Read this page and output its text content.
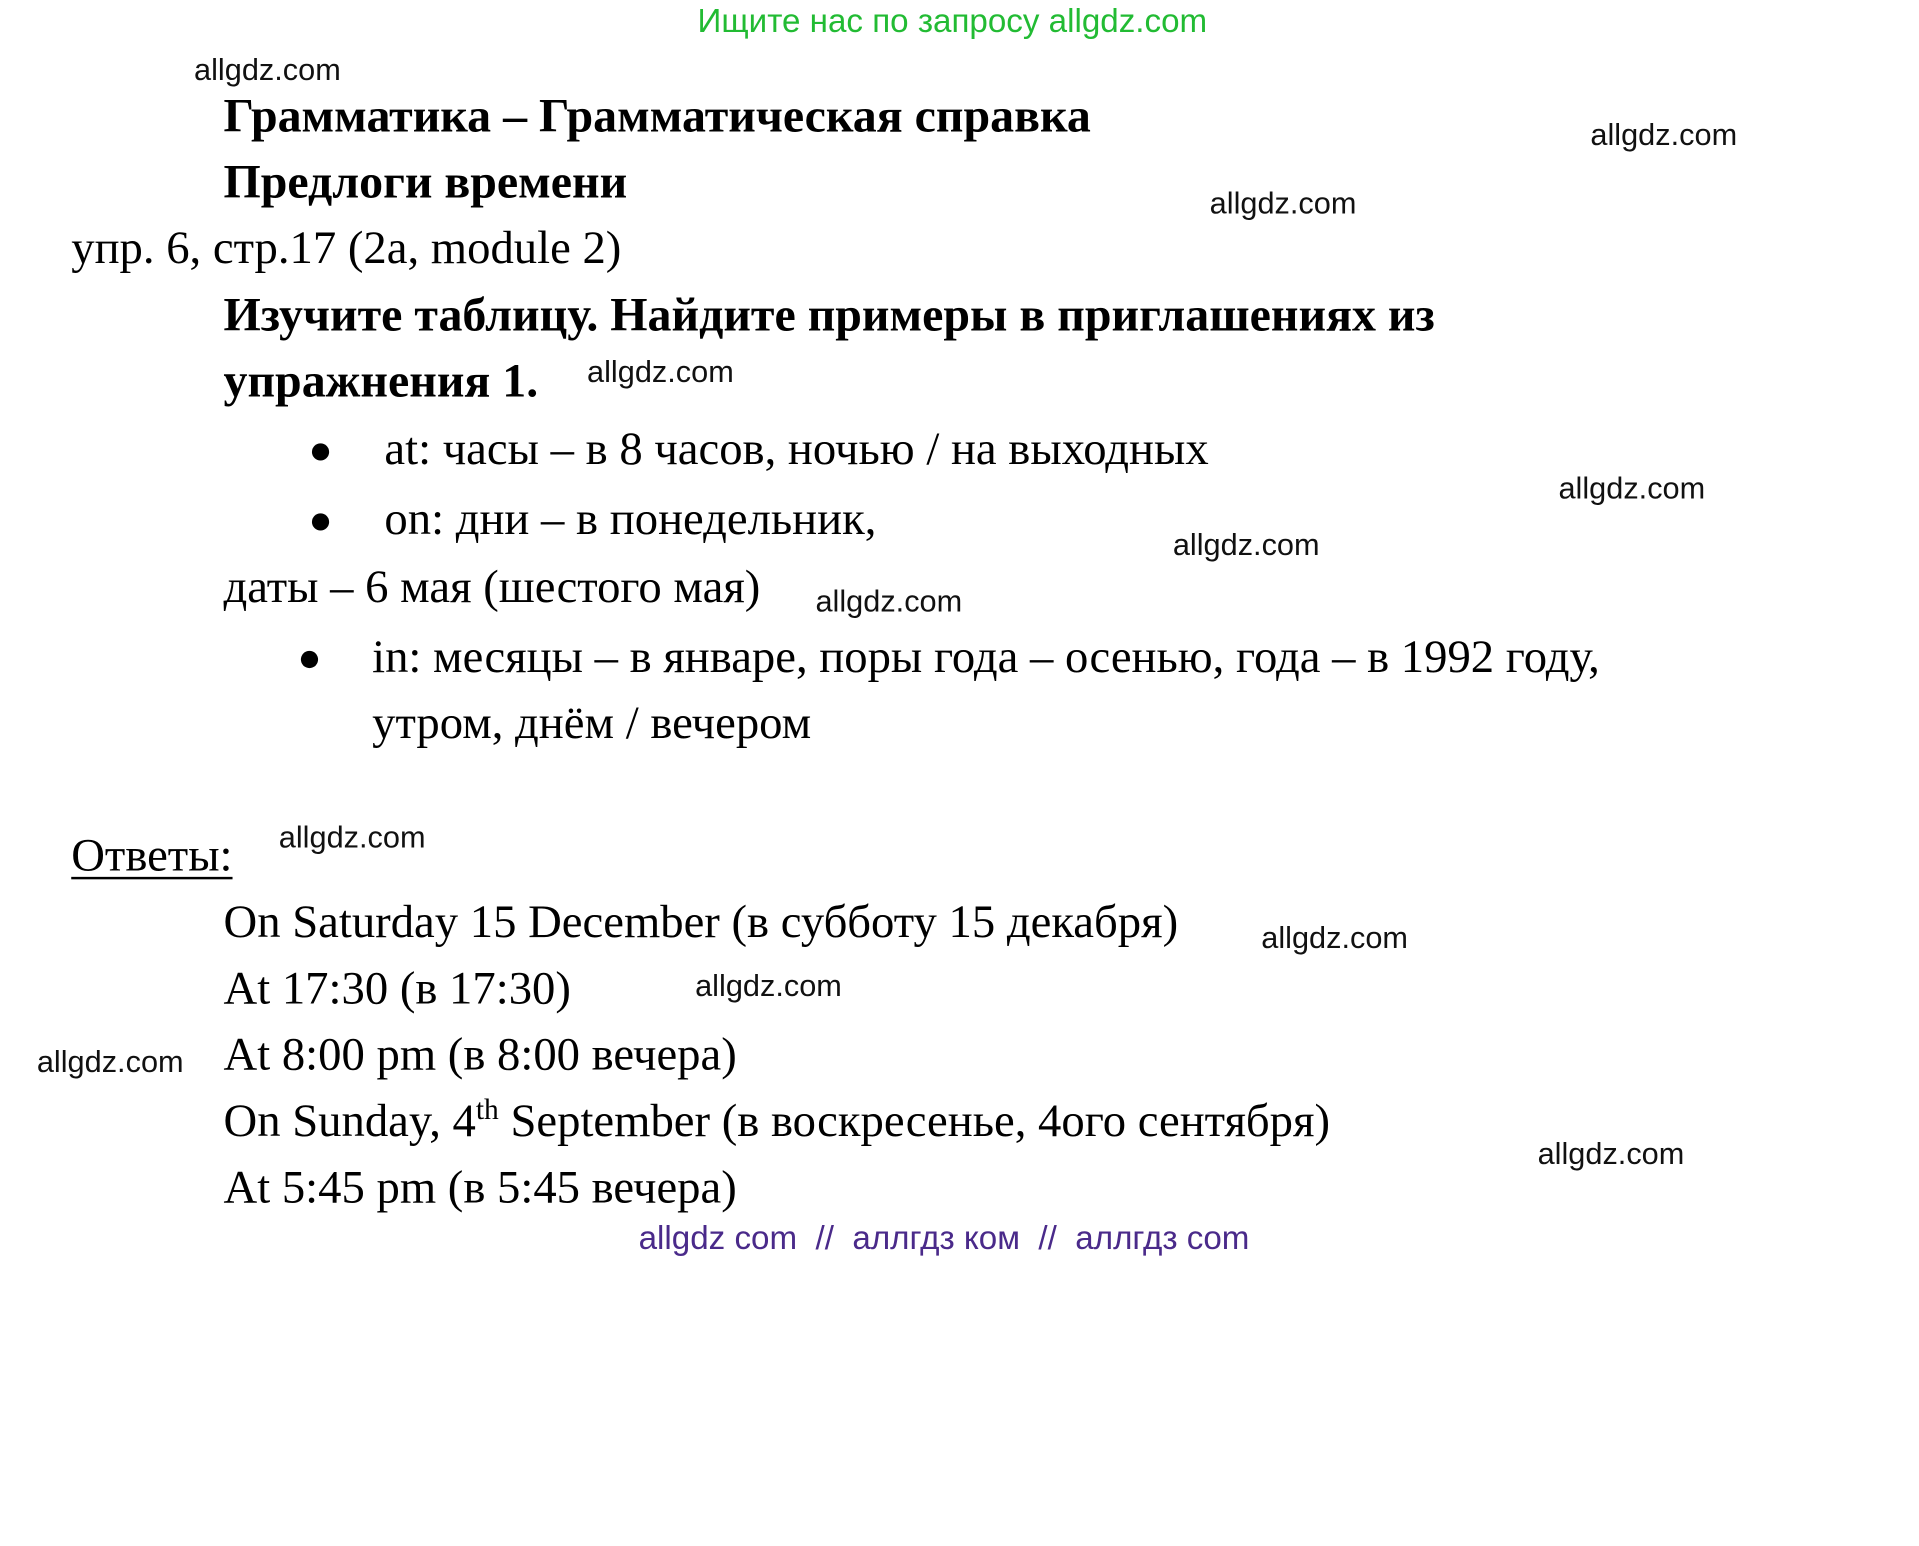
Ищите нас по запросу allgdz.com
allgdz.com
allgdz.com
allgdz.com
allgdz.com
allgdz.com
allgdz.com
allgdz.com
allgdz.com
allgdz.com
allgdz.com
allgdz.com
allgdz.com
Грамматика – Грамматическая справка
Предлоги времени
упр. 6, стр.17 (2а, module 2)
Изучите таблицу. Найдите примеры в приглашениях из
упражнения 1.
at: часы – в 8 часов, ночью / на выходных
on: дни – в понедельник,
даты – 6 мая (шестого мая)
in: месяцы – в январе, поры года – осенью, года – в 1992 году,
утром, днём / вечером
Ответы:
On Saturday 15 December (в субботу 15 декабря)
At 17:30 (в 17:30)
At 8:00 pm (в 8:00 вечера)
On Sunday, 4th September (в воскресенье, 4ого сентября)
At 5:45 pm (в 5:45 вечера)
allgdz com  //  аллгдз ком  //  аллгдз com
